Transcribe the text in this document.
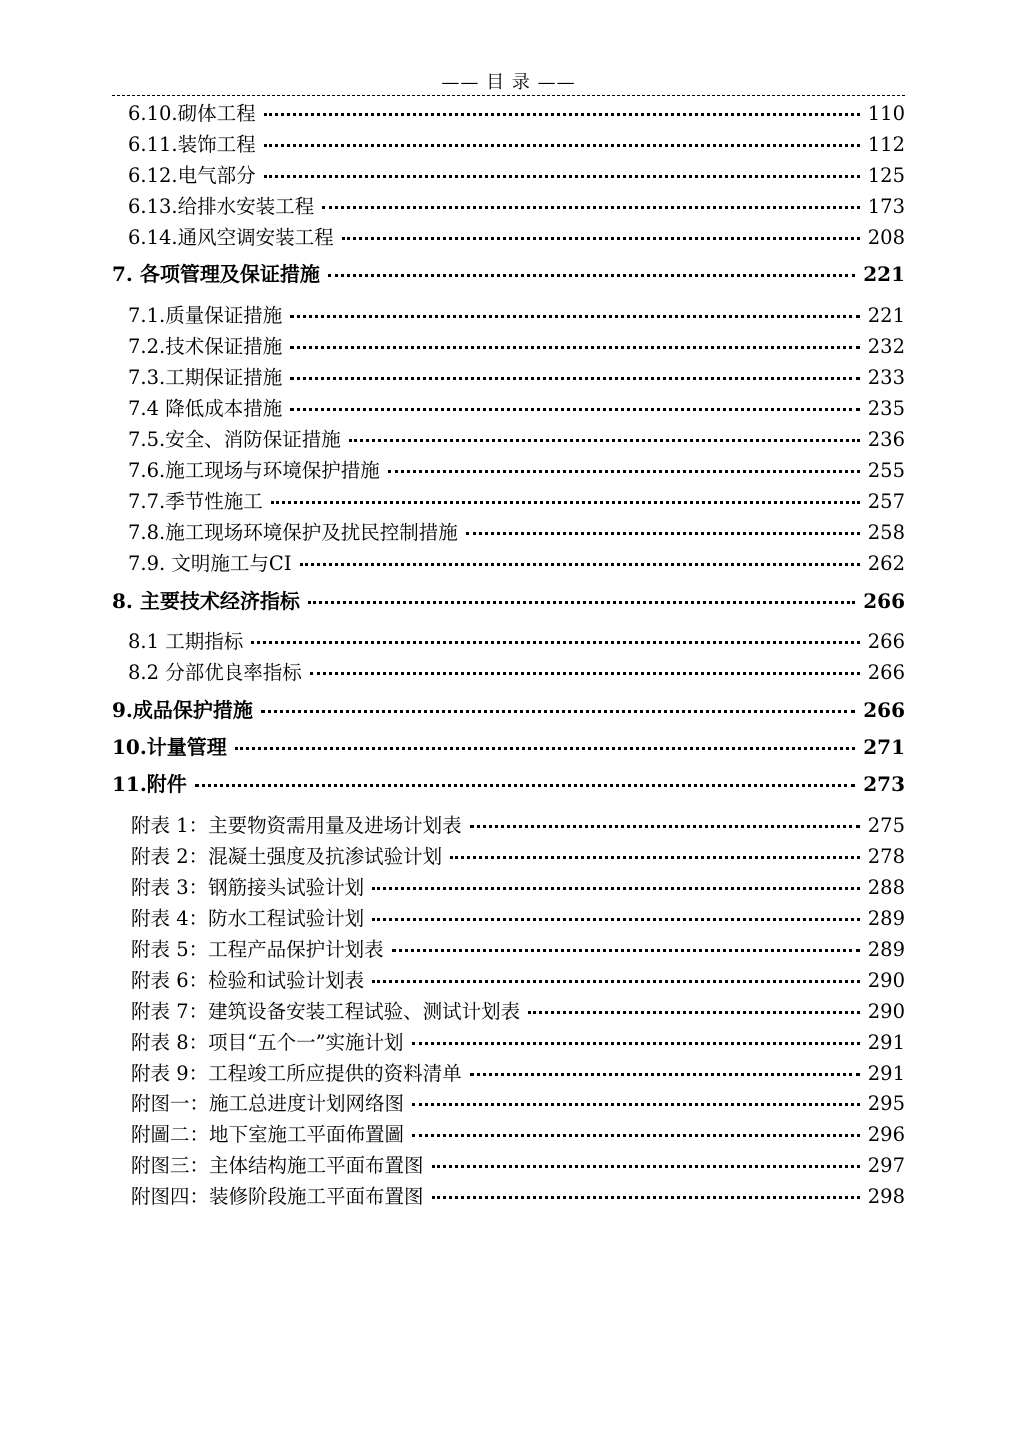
—— 目 录 ——
6.10.砌体工程	110
6.11.装饰工程	112
6.12.电气部分	125
6.13.给排水安装工程	173
6.14.通风空调安装工程	208
7. 各项管理及保证措施	221
7.1.质量保证措施	221
7.2.技术保证措施	232
7.3.工期保证措施	233
7.4 降低成本措施	235
7.5.安全、消防保证措施	236
7.6.施工现场与环境保护措施	255
7.7.季节性施工	257
7.8.施工现场环境保护及扰民控制措施	258
7.9. 文明施工与CI	262
8. 主要技术经济指标	266
8.1 工期指标	266
8.2 分部优良率指标	266
9.成品保护措施	266
10.计量管理	271
11.附件	273
附表 1：主要物资需用量及进场计划表	275
附表 2：混凝土强度及抗渗试验计划	278
附表 3：钢筋接头试验计划	288
附表 4：防水工程试验计划	289
附表 5：工程产品保护计划表	289
附表 6：检验和试验计划表	290
附表 7：建筑设备安装工程试验、测试计划表	290
附表 8：项目“五个一”实施计划	291
附表 9：工程竣工所应提供的资料清单	291
附图一：施工总进度计划网络图	295
附圖二：地下室施工平面佈置圖	296
附图三：主体结构施工平面布置图	297
附图四：装修阶段施工平面布置图	298
